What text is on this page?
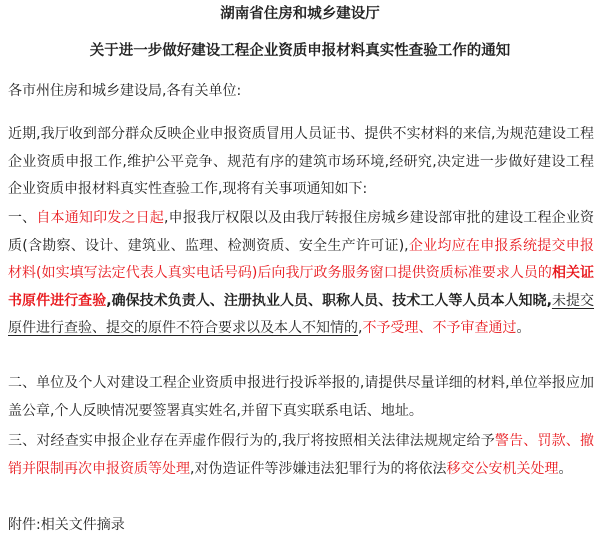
湖南省住房和城乡建设厅
关于进一步做好建设工程企业资质申报材料真实性查验工作的通知
各市州住房和城乡建设局,各有关单位:
近期,我厅收到部分群众反映企业申报资质冒用人员证书、提供不实材料的来信,为规范建设工程企业资质申报工作,维护公平竞争、规范有序的建筑市场环境,经研究,决定进一步做好建设工程企业资质申报材料真实性查验工作,现将有关事项通知如下:
一、自本通知印发之日起,申报我厅权限以及由我厅转报住房城乡建设部审批的建设工程企业资质(含勘察、设计、建筑业、监理、检测资质、安全生产许可证),企业均应在申报系统提交申报材料(如实填写法定代表人真实电话号码)后向我厅政务服务窗口提供资质标准要求人员的相关证书原件进行查验,确保技术负责人、注册执业人员、职称人员、技术工人等人员本人知晓,未提交原件进行查验、提交的原件不符合要求以及本人不知情的,不予受理、不予审查通过。
二、单位及个人对建设工程企业资质申报进行投诉举报的,请提供尽量详细的材料,单位举报应加盖公章,个人反映情况要签署真实姓名,并留下真实联系电话、地址。
三、对经查实申报企业存在弄虚作假行为的,我厅将按照相关法律法规规定给予警告、罚款、撤销并限制再次申报资质等处理,对伪造证件等涉嫌违法犯罪行为的将依法移交公安机关处理。
附件:相关文件摘录
